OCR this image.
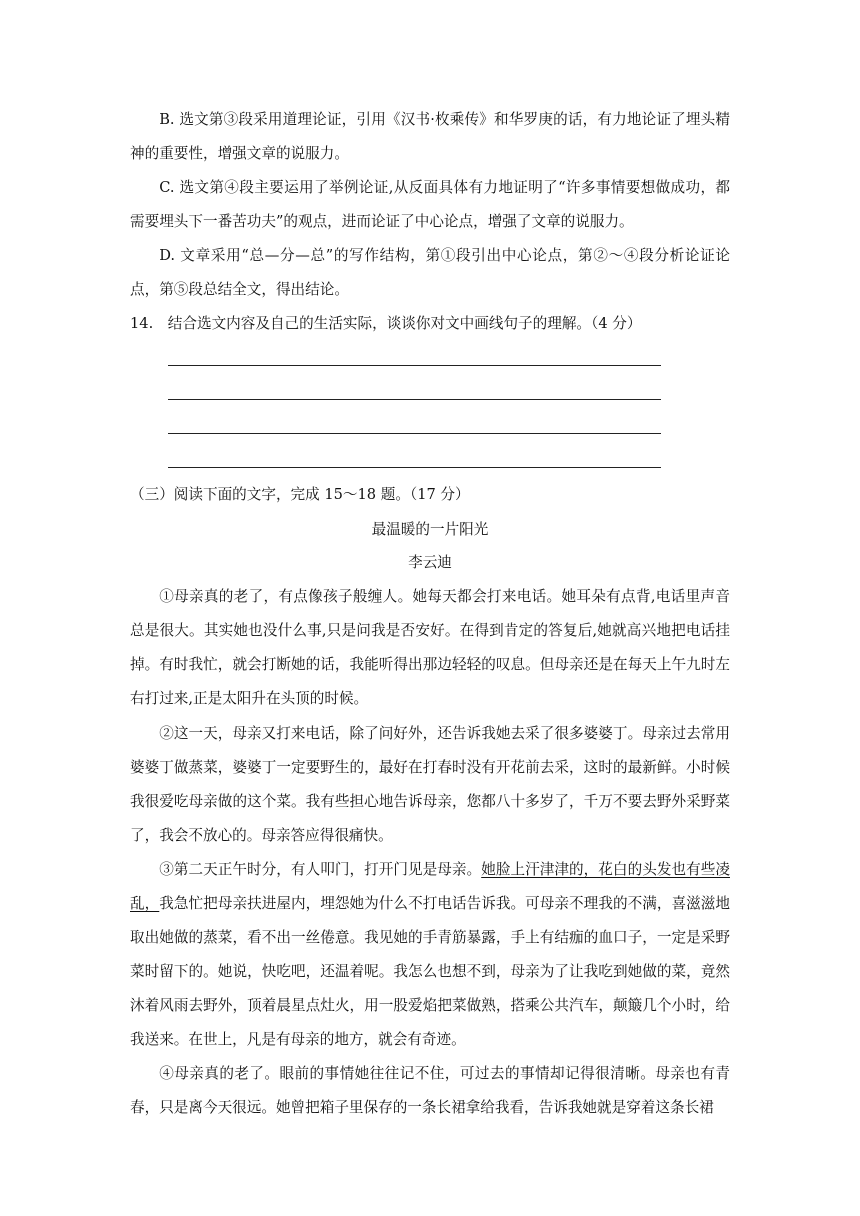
B. 选文第③段采用道理论证，引用《汉书·枚乘传》和华罗庚的话，有力地论证了埋头精神的重要性，增强文章的说服力。

C. 选文第④段主要运用了举例论证,从反面具体有力地证明了“许多事情要想做成功，都需要埋头下一番苦功夫”的观点，进而论证了中心论点，增强了文章的说服力。

D. 文章采用“总—分—总”的写作结构，第①段引出中心论点，第②～④段分析论证论点，第⑤段总结全文，得出结论。

14.　结合选文内容及自己的生活实际，谈谈你对文中画线句子的理解。（4 分）

（三）阅读下面的文字，完成 15～18 题。（17 分）

最温暖的一片阳光

李云迪

①母亲真的老了，有点像孩子般缠人。她每天都会打来电话。她耳朵有点背,电话里声音总是很大。其实她也没什么事,只是问我是否安好。在得到肯定的答复后,她就高兴地把电话挂掉。有时我忙，就会打断她的话，我能听得出那边轻轻的叹息。但母亲还是在每天上午九时左右打过来,正是太阳升在头顶的时候。

②这一天，母亲又打来电话，除了问好外，还告诉我她去采了很多婆婆丁。母亲过去常用婆婆丁做蒸菜，婆婆丁一定要野生的，最好在打春时没有开花前去采，这时的最新鲜。小时候我很爱吃母亲做的这个菜。我有些担心地告诉母亲，您都八十多岁了，千万不要去野外采野菜了，我会不放心的。母亲答应得很痛快。

③第二天正午时分，有人叩门，打开门见是母亲。她脸上汗津津的，花白的头发也有些凌乱，我急忙把母亲扶进屋内，埋怨她为什么不打电话告诉我。可母亲不理我的不满，喜滋滋地取出她做的蒸菜，看不出一丝倦意。我见她的手青筋暴露，手上有结痂的血口子，一定是采野菜时留下的。她说，快吃吧，还温着呢。我怎么也想不到，母亲为了让我吃到她做的菜，竟然沐着风雨去野外，顶着晨星点灶火，用一股爱焰把菜做熟，搭乘公共汽车，颠簸几个小时，给我送来。在世上，凡是有母亲的地方，就会有奇迹。

④母亲真的老了。眼前的事情她往往记不住，可过去的事情却记得很清晰。母亲也有青春，只是离今天很远。她曾把箱子里保存的一条长裙拿给我看，告诉我她就是穿着这条长裙
